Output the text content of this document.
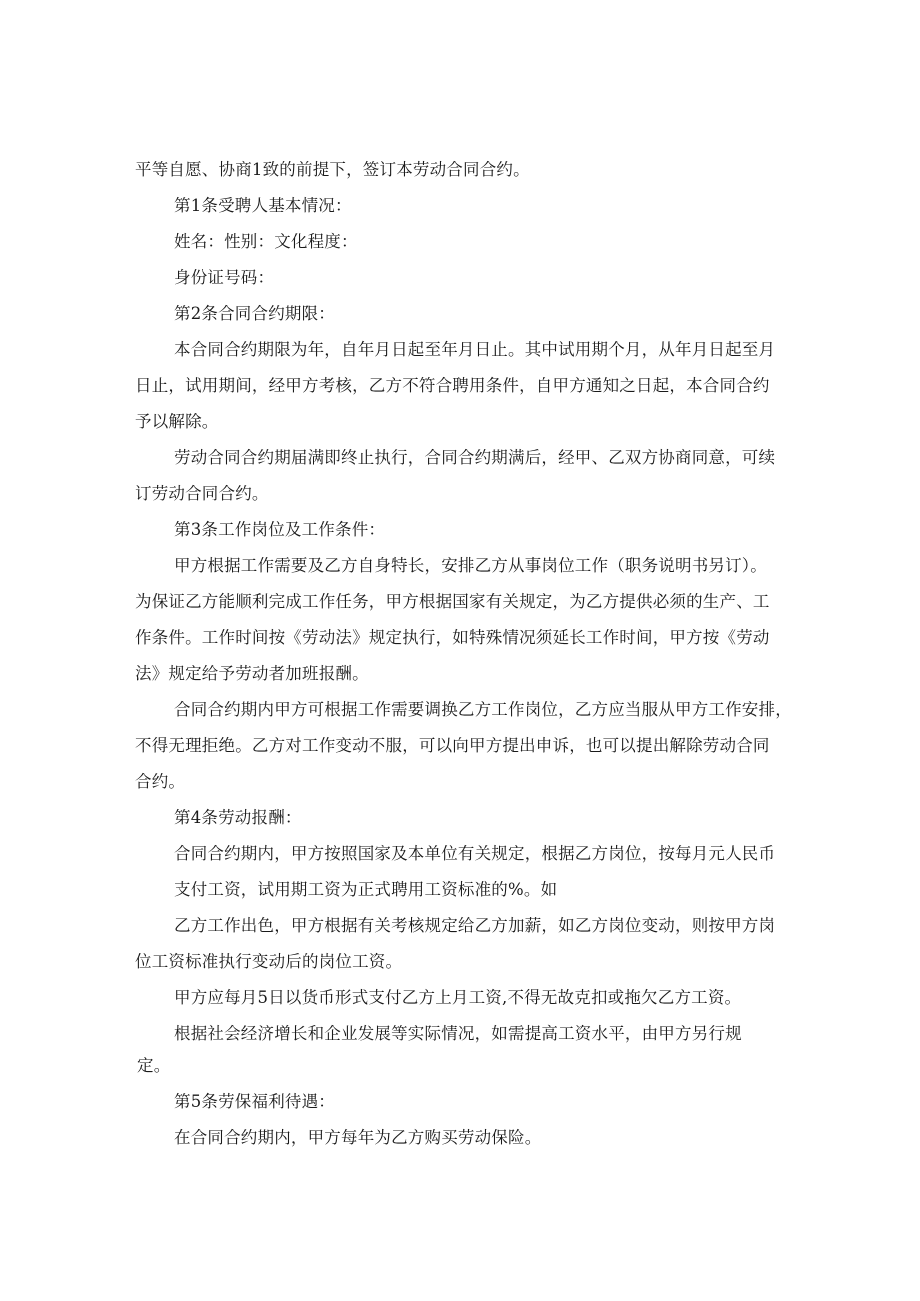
平等自愿、协商1致的前提下，签订本劳动合同合约。
第1条受聘人基本情况：
姓名：性别：文化程度：
身份证号码：
第2条合同合约期限：
本合同合约期限为年，自年月日起至年月日止。其中试用期个月，从年月日起至月
日止，试用期间，经甲方考核，乙方不符合聘用条件，自甲方通知之日起，本合同合约
予以解除。
劳动合同合约期届满即终止执行，合同合约期满后，经甲、乙双方协商同意，可续
订劳动合同合约。
第3条工作岗位及工作条件：
甲方根据工作需要及乙方自身特长，安排乙方从事岗位工作（职务说明书另订）。
为保证乙方能顺利完成工作任务，甲方根据国家有关规定，为乙方提供必须的生产、工
作条件。工作时间按《劳动法》规定执行，如特殊情况须延长工作时间，甲方按《劳动
法》规定给予劳动者加班报酬。
合同合约期内甲方可根据工作需要调换乙方工作岗位，乙方应当服从甲方工作安排，
不得无理拒绝。乙方对工作变动不服，可以向甲方提出申诉，也可以提出解除劳动合同
合约。
第4条劳动报酬：
合同合约期内，甲方按照国家及本单位有关规定，根据乙方岗位，按每月元人民币
支付工资，试用期工资为正式聘用工资标准的%。如
乙方工作出色，甲方根据有关考核规定给乙方加薪，如乙方岗位变动，则按甲方岗
位工资标准执行变动后的岗位工资。
甲方应每月5日以货币形式支付乙方上月工资,不得无故克扣或拖欠乙方工资。
根据社会经济增长和企业发展等实际情况，如需提高工资水平，由甲方另行规
定。
第5条劳保福利待遇：
在合同合约期内，甲方每年为乙方购买劳动保险。
